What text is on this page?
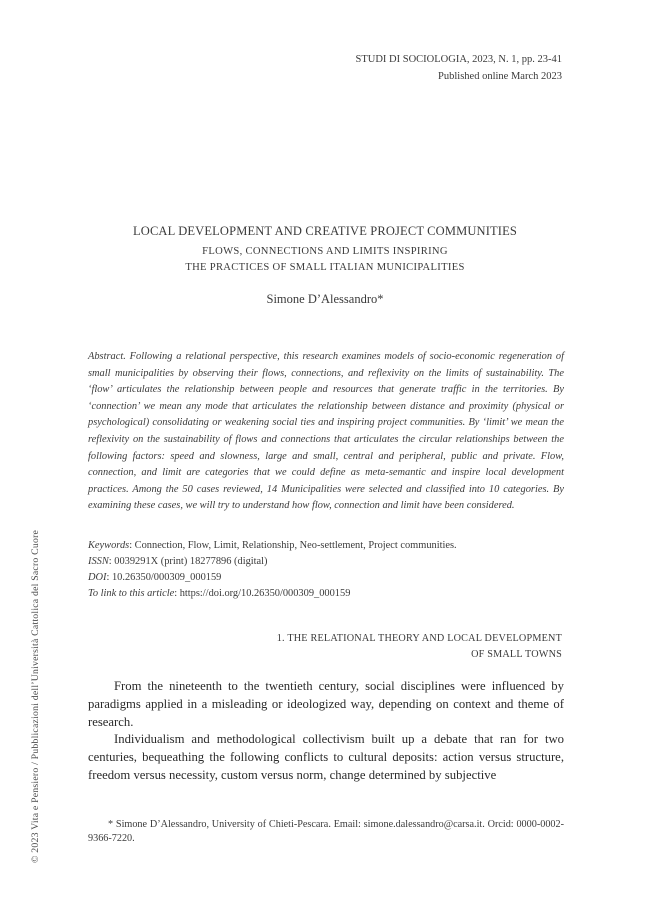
STUDI DI SOCIOLOGIA, 2023, N. 1, pp. 23-41
Published online March 2023
LOCAL DEVELOPMENT AND CREATIVE PROJECT COMMUNITIES
FLOWS, CONNECTIONS AND LIMITS INSPIRING
THE PRACTICES OF SMALL ITALIAN MUNICIPALITIES
Simone D’Alessandro*
Abstract. Following a relational perspective, this research examines models of socio-economic regeneration of small municipalities by observing their flows, connections, and reflexivity on the limits of sustainability. The ‘flow’ articulates the relationship between people and resources that generate traffic in the territories. By ‘connection’ we mean any mode that articulates the relationship between distance and proximity (physical or psychological) consolidating or weakening social ties and inspiring project communities. By ‘limit’ we mean the reflexivity on the sustainability of flows and connections that articulates the circular relationships between the following factors: speed and slowness, large and small, central and peripheral, public and private. Flow, connection, and limit are categories that we could define as meta-semantic and inspire local development practices. Among the 50 cases reviewed, 14 Municipalities were selected and classified into 10 categories. By examining these cases, we will try to understand how flow, connection and limit have been considered.
Keywords: Connection, Flow, Limit, Relationship, Neo-settlement, Project communities.
ISSN: 0039291X (print) 18277896 (digital)
DOI: 10.26350/000309_000159
To link to this article: https://doi.org/10.26350/000309_000159
1. THE RELATIONAL THEORY AND LOCAL DEVELOPMENT
OF SMALL TOWNS

From the nineteenth to the twentieth century, social disciplines were influenced by paradigms applied in a misleading or ideologized way, depending on context and theme of research.

Individualism and methodological collectivism built up a debate that ran for two centuries, bequeathing the following conflicts to cultural deposits: action versus structure, freedom versus necessity, custom versus norm, change determined by subjective

* Simone D’Alessandro, University of Chieti-Pescara. Email: simone.dalessandro@carsa.it. Orcid: 0000-0002-9366-7220.
© 2023 Vita e Pensiero / Pubblicazioni dell’Università Cattolica del Sacro Cuore
